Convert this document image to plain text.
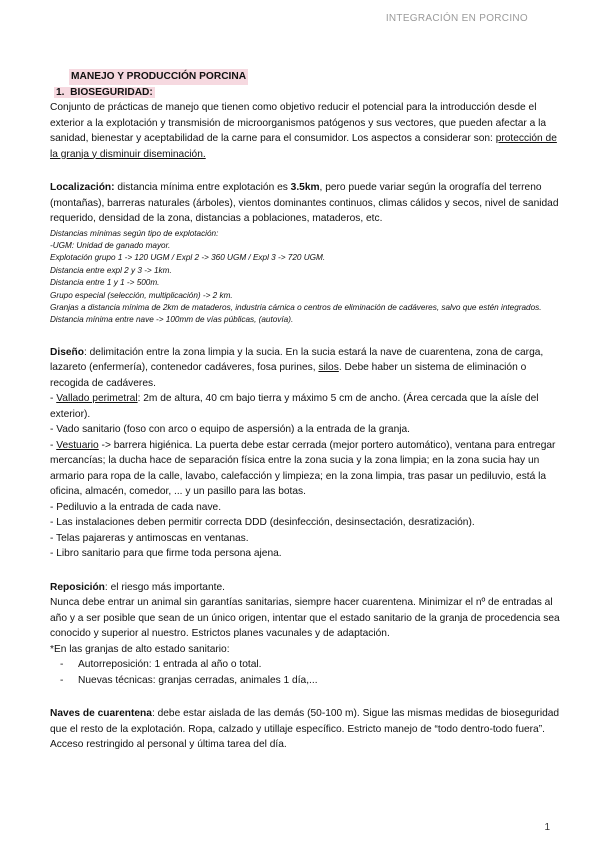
INTEGRACIÓN EN PORCINO
MANEJO Y PRODUCCIÓN PORCINA
1. BIOSEGURIDAD:

Conjunto de prácticas de manejo que tienen como objetivo reducir el potencial para la introducción desde el exterior a la explotación y transmisión de microorganismos patógenos y sus vectores, que pueden afectar a la sanidad, bienestar y aceptabilidad de la carne para el consumidor. Los aspectos a considerar son: protección de la granja y disminuir diseminación.

Localización: distancia mínima entre explotación es 3.5km, pero puede variar según la orografía del terreno (montañas), barreras naturales (árboles), vientos dominantes continuos, climas cálidos y secos, nivel de sanidad requerido, densidad de la zona, distancias a poblaciones, mataderos, etc.

Distancias mínimas según tipo de explotación:
-UGM: Unidad de ganado mayor.
Explotación grupo 1 -> 120 UGM / Expl 2 -> 360 UGM / Expl 3 -> 720 UGM.
Distancia entre expl 2 y 3 -> 1km.
Distancia entre 1 y 1 -> 500m.
Grupo especial (selección, multiplicación) -> 2 km.
Granjas a distancia mínima de 2km de mataderos, industria cárnica o centros de eliminación de cadáveres, salvo que estén integrados.
Distancia mínima entre nave -> 100mm de vías públicas, (autovía).

Diseño: delimitación entre la zona limpia y la sucia. En la sucia estará la nave de cuarentena, zona de carga, lazareto (enfermería), contenedor cadáveres, fosa purines, silos. Debe haber un sistema de eliminación o recogida de cadáveres.

- Vallado perimetral: 2m de altura, 40 cm bajo tierra y máximo 5 cm de ancho. (Área cercada que la aísle del exterior).

- Vado sanitario (foso con arco o equipo de aspersión) a la entrada de la granja.

- Vestuario -> barrera higiénica. La puerta debe estar cerrada (mejor portero automático), ventana para entregar mercancías; la ducha hace de separación física entre la zona sucia y la zona limpia; en la zona sucia hay un armario para ropa de la calle, lavabo, calefacción y limpieza; en la zona limpia, tras pasar un pediluvio, está la oficina, almacén, comedor, ... y un pasillo para las botas.

- Pediluvio a la entrada de cada nave.

- Las instalaciones deben permitir correcta DDD (desinfección, desinsectación, desratización).

- Telas pajareras y antimoscas en ventanas.

- Libro sanitario para que firme toda persona ajena.

Reposición: el riesgo más importante.

Nunca debe entrar un animal sin garantías sanitarias, siempre hacer cuarentena. Minimizar el nº de entradas al año y a ser posible que sean de un único origen, intentar que el estado sanitario de la granja de procedencia sea conocido y superior al nuestro. Estrictos planes vacunales y de adaptación.

*En las granjas de alto estado sanitario:

- Autorreposición: 1 entrada al año o total.

- Nuevas técnicas: granjas cerradas, animales 1 día,...

Naves de cuarentena: debe estar aislada de las demás (50-100 m). Sigue las mismas medidas de bioseguridad que el resto de la explotación. Ropa, calzado y utillaje específico. Estricto manejo de “todo dentro-todo fuera”. Acceso restringido al personal y última tarea del día.

1
